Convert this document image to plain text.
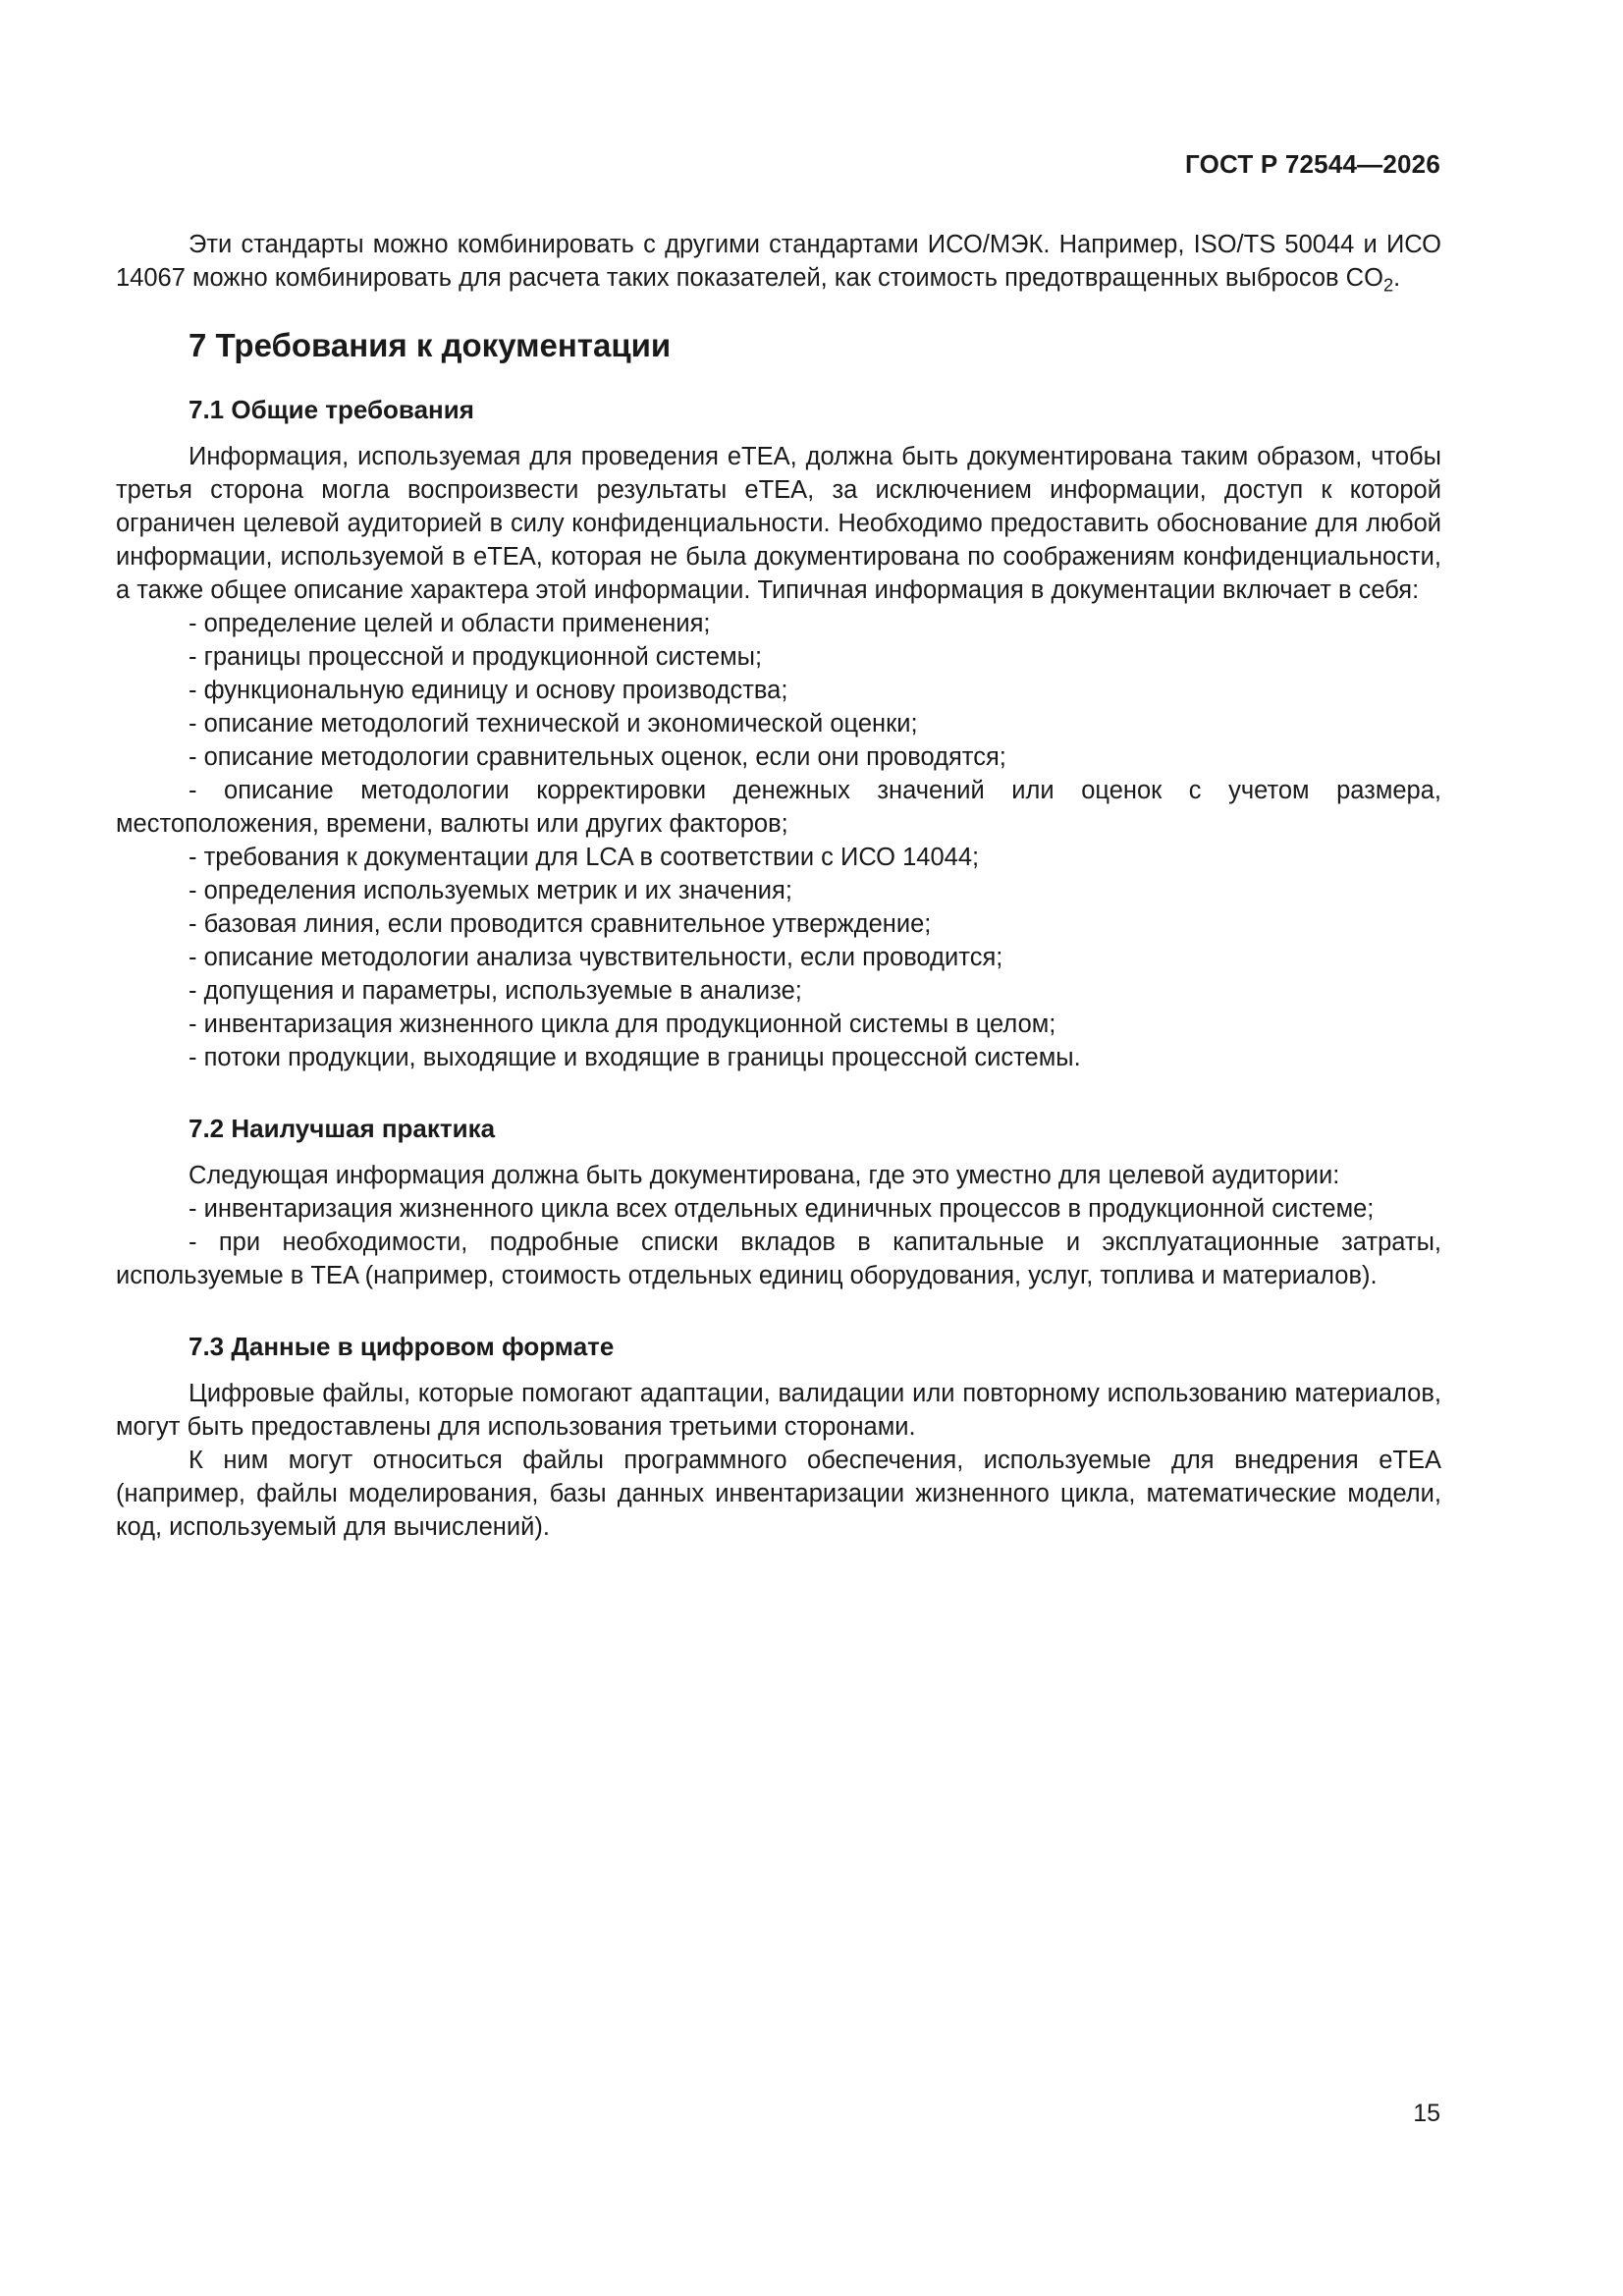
ГОСТ Р 72544—2026

Эти стандарты можно комбинировать с другими стандартами ИСО/МЭК. Например, ISO/TS 50044 и ИСО 14067 можно комбинировать для расчета таких показателей, как стоимость предотвращенных выбросов $CO_2$.

7 Требования к документации
7.1 Общие требования

Информация, используемая для проведения eTEA, должна быть документирована таким образом, чтобы третья сторона могла воспроизвести результаты eTEA, за исключением информации, доступ к которой ограничен целевой аудиторией в силу конфиденциальности. Необходимо предоставить обоснование для любой информации, используемой в eTEA, которая не была документирована по соображениям конфиденциальности, а также общее описание характера этой информации. Типичная информация в документации включает в себя:

- определение целей и области применения;
- границы процессной и продукционной системы;
- функциональную единицу и основу производства;
- описание методологий технической и экономической оценки;
- описание методологии сравнительных оценок, если они проводятся;
- описание методологии корректировки денежных значений или оценок с учетом размера, местоположения, времени, валюты или других факторов;
- требования к документации для LCA в соответствии с ИСО 14044;
- определения используемых метрик и их значения;
- базовая линия, если проводится сравнительное утверждение;
- описание методологии анализа чувствительности, если проводится;
- допущения и параметры, используемые в анализе;
- инвентаризация жизненного цикла для продукционной системы в целом;
- потоки продукции, выходящие и входящие в границы процессной системы.
7.2 Наилучшая практика

Следующая информация должна быть документирована, где это уместно для целевой аудитории:

- инвентаризация жизненного цикла всех отдельных единичных процессов в продукционной системе;
- при необходимости, подробные списки вкладов в капитальные и эксплуатационные затраты, используемые в TEA (например, стоимость отдельных единиц оборудования, услуг, топлива и материалов).
7.3 Данные в цифровом формате

Цифровые файлы, которые помогают адаптации, валидации или повторному использованию материалов, могут быть предоставлены для использования третьими сторонами.

К ним могут относиться файлы программного обеспечения, используемые для внедрения eTEA (например, файлы моделирования, базы данных инвентаризации жизненного цикла, математические модели, код, используемый для вычислений).

15
